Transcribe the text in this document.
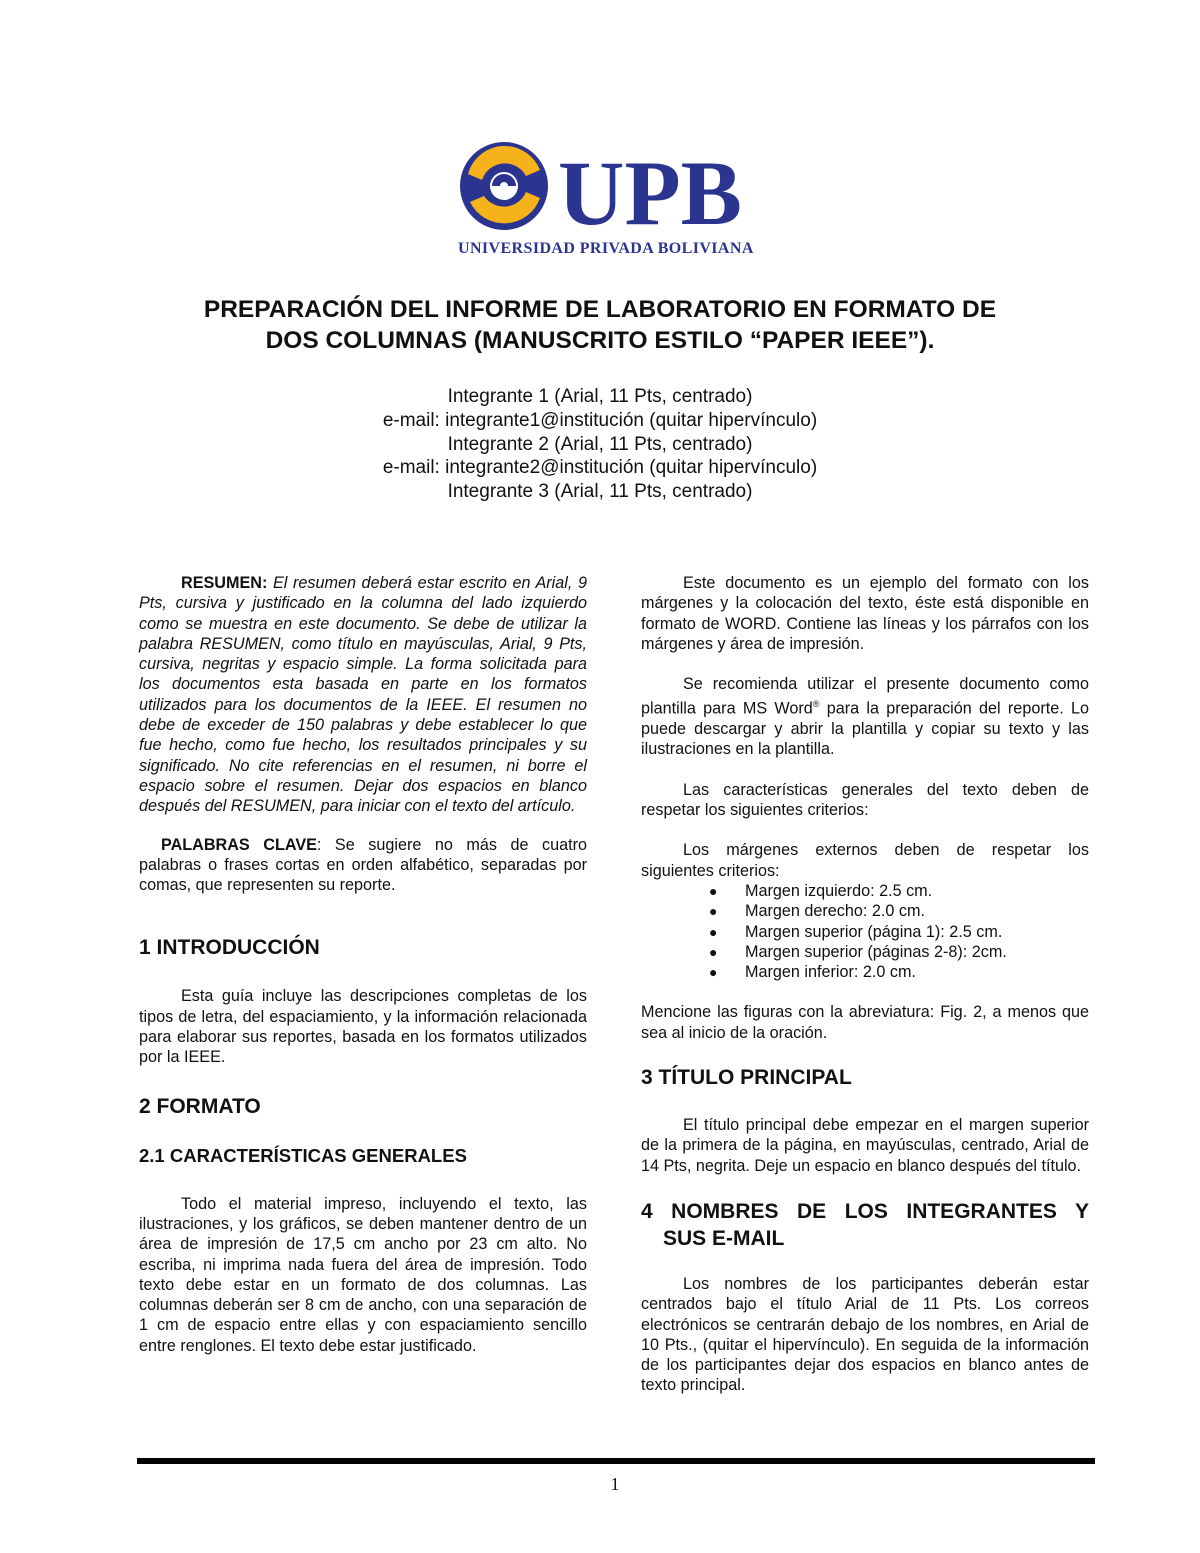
UPB
UNIVERSIDAD PRIVADA BOLIVIANA
PREPARACIÓN DEL INFORME DE LABORATORIO EN FORMATO DE
DOS COLUMNAS (MANUSCRITO ESTILO “PAPER IEEE”).
Integrante 1 (Arial, 11 Pts, centrado)
e-mail: integrante1@institución (quitar hipervínculo)
Integrante 2 (Arial, 11 Pts, centrado)
e-mail: integrante2@institución (quitar hipervínculo)
Integrante 3 (Arial, 11 Pts, centrado)

RESUMEN: El resumen deberá estar escrito en Arial, 9 Pts, cursiva y justificado en la columna del lado izquierdo como se muestra en este documento. Se debe de utilizar la palabra RESUMEN, como título en mayúsculas, Arial, 9 Pts, cursiva, negritas y espacio simple. La forma solicitada para los documentos esta basada en parte en los formatos utilizados para los documentos de la IEEE. El resumen no debe de exceder de 150 palabras y debe establecer lo que fue hecho, como fue hecho, los resultados principales y su significado. No cite referencias en el resumen, ni borre el espacio sobre el resumen. Dejar dos espacios en blanco después del RESUMEN, para iniciar con el texto del artículo.

PALABRAS CLAVE: Se sugiere no más de cuatro palabras o frases cortas en orden alfabético, separadas por comas, que representen su reporte.

1 INTRODUCCIÓN

Esta guía incluye las descripciones completas de los tipos de letra, del espaciamiento, y la información relacionada para elaborar sus reportes, basada en los formatos utilizados por la IEEE.

2 FORMATO

2.1 CARACTERÍSTICAS GENERALES

Todo el material impreso, incluyendo el texto, las ilustraciones, y los gráficos, se deben mantener dentro de un área de impresión de 17,5 cm ancho por 23 cm alto. No escriba, ni imprima nada fuera del área de impresión. Todo texto debe estar en un formato de dos columnas. Las columnas deberán ser 8 cm de ancho, con una separación de 1 cm de espacio entre ellas y con espaciamiento sencillo entre renglones. El texto debe estar justificado.

Este documento es un ejemplo del formato con los márgenes y la colocación del texto, éste está disponible en formato de WORD. Contiene las líneas y los párrafos con los márgenes y área de impresión.

Se recomienda utilizar el presente documento como plantilla para MS Word® para la preparación del reporte. Lo puede descargar y abrir la plantilla y copiar su texto y las ilustraciones en la plantilla.

Las características generales del texto deben de respetar los siguientes criterios:

Los márgenes externos deben de respetar los siguientes criterios:

● Margen izquierdo: 2.5 cm.
● Margen derecho: 2.0 cm.
● Margen superior (página 1): 2.5 cm.
● Margen superior (páginas 2-8): 2cm.
● Margen inferior: 2.0 cm.

Mencione las figuras con la abreviatura: Fig. 2, a menos que sea al inicio de la oración.

3 TÍTULO PRINCIPAL

El título principal debe empezar en el margen superior de la primera de la página, en mayúsculas, centrado, Arial de 14 Pts, negrita. Deje un espacio en blanco después del título.

4 NOMBRES DE LOS INTEGRANTES Y

SUS E-MAIL

Los nombres de los participantes deberán estar centrados bajo el título Arial de 11 Pts. Los correos electrónicos se centrarán debajo de los nombres, en Arial de 10 Pts., (quitar el hipervínculo). En seguida de la información de los participantes dejar dos espacios en blanco antes de texto principal.

1
